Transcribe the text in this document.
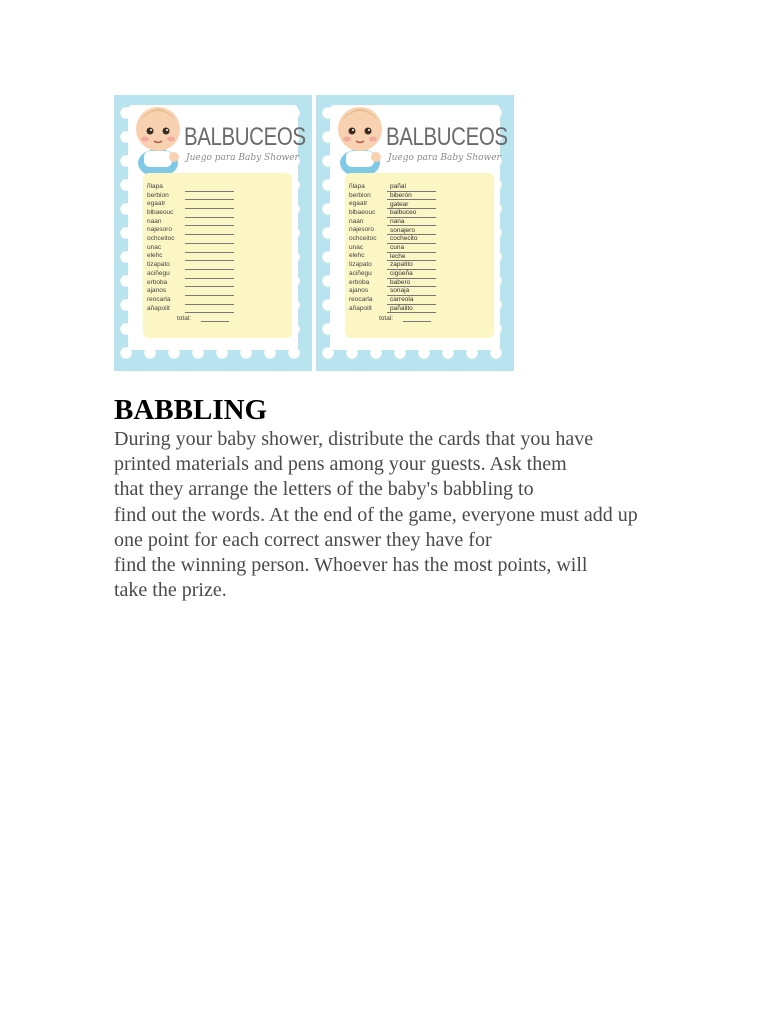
BALBUCEOS
Juego para Baby Shower
ñlapa
berbion
egaatr
blbaeouc
naan
najesoro
ochceitoc
unac
elehc
tizapato
aciñegu
erboba
ajanos
reocarla
añapoilt
total:
BALBUCEOS
Juego para Baby Shower
ñlapa	pañal
berbion	biberón
egaatr	gatear
blbaeouc	balbuceo
naan	nana
najesoro	sonajero
ochceitoc	cochecito
unac	cuna
elehc	leche
tizapato	zapatito
aciñegu	cigüeña
erboba	babero
ajanos	sonaja
reocarla	carreola
añapoilt	pañalito
total:
BABBLING

During your baby shower, distribute the cards that you have
printed materials and pens among your guests. Ask them
that they arrange the letters of the baby's babbling to
find out the words. At the end of the game, everyone must add up
one point for each correct answer they have for
find the winning person. Whoever has the most points, will
take the prize.
